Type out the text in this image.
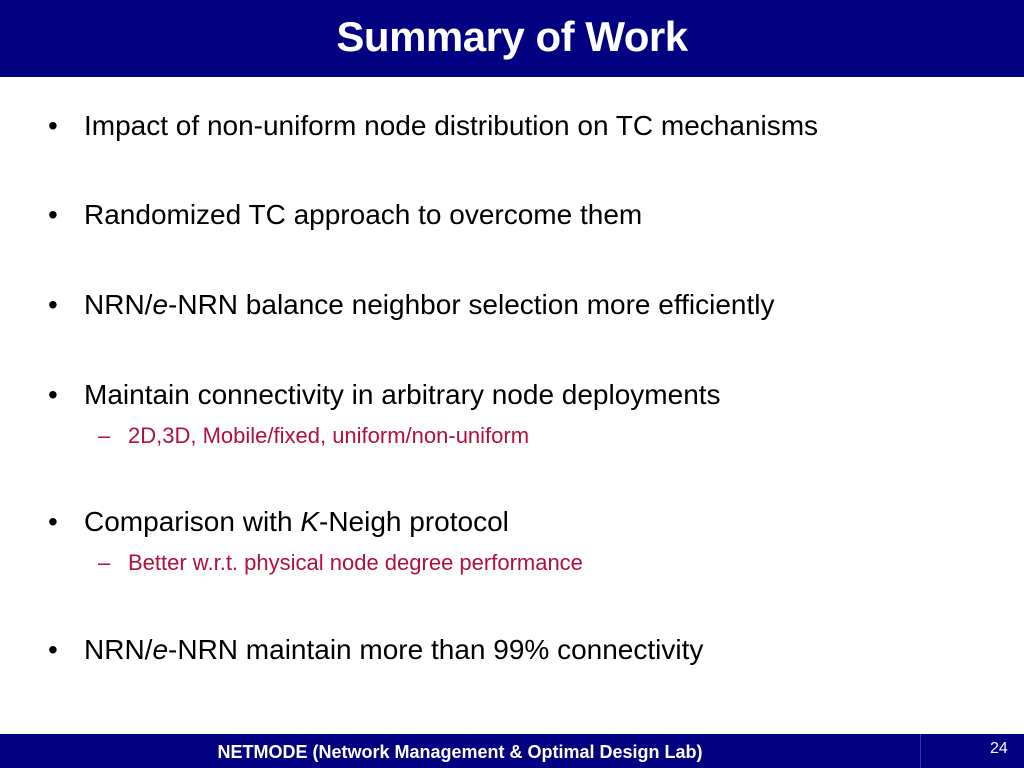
Summary of Work
• Impact of non-uniform node distribution on TC mechanisms
• Randomized TC approach to overcome them
• NRN/e-NRN balance neighbor selection more efficiently
• Maintain connectivity in arbitrary node deployments
– 2D,3D, Mobile/fixed, uniform/non-uniform
• Comparison with K-Neigh protocol
– Better w.r.t. physical node degree performance
• NRN/e-NRN maintain more than 99% connectivity
NETMODE (Network Management & Optimal Design Lab)	24
